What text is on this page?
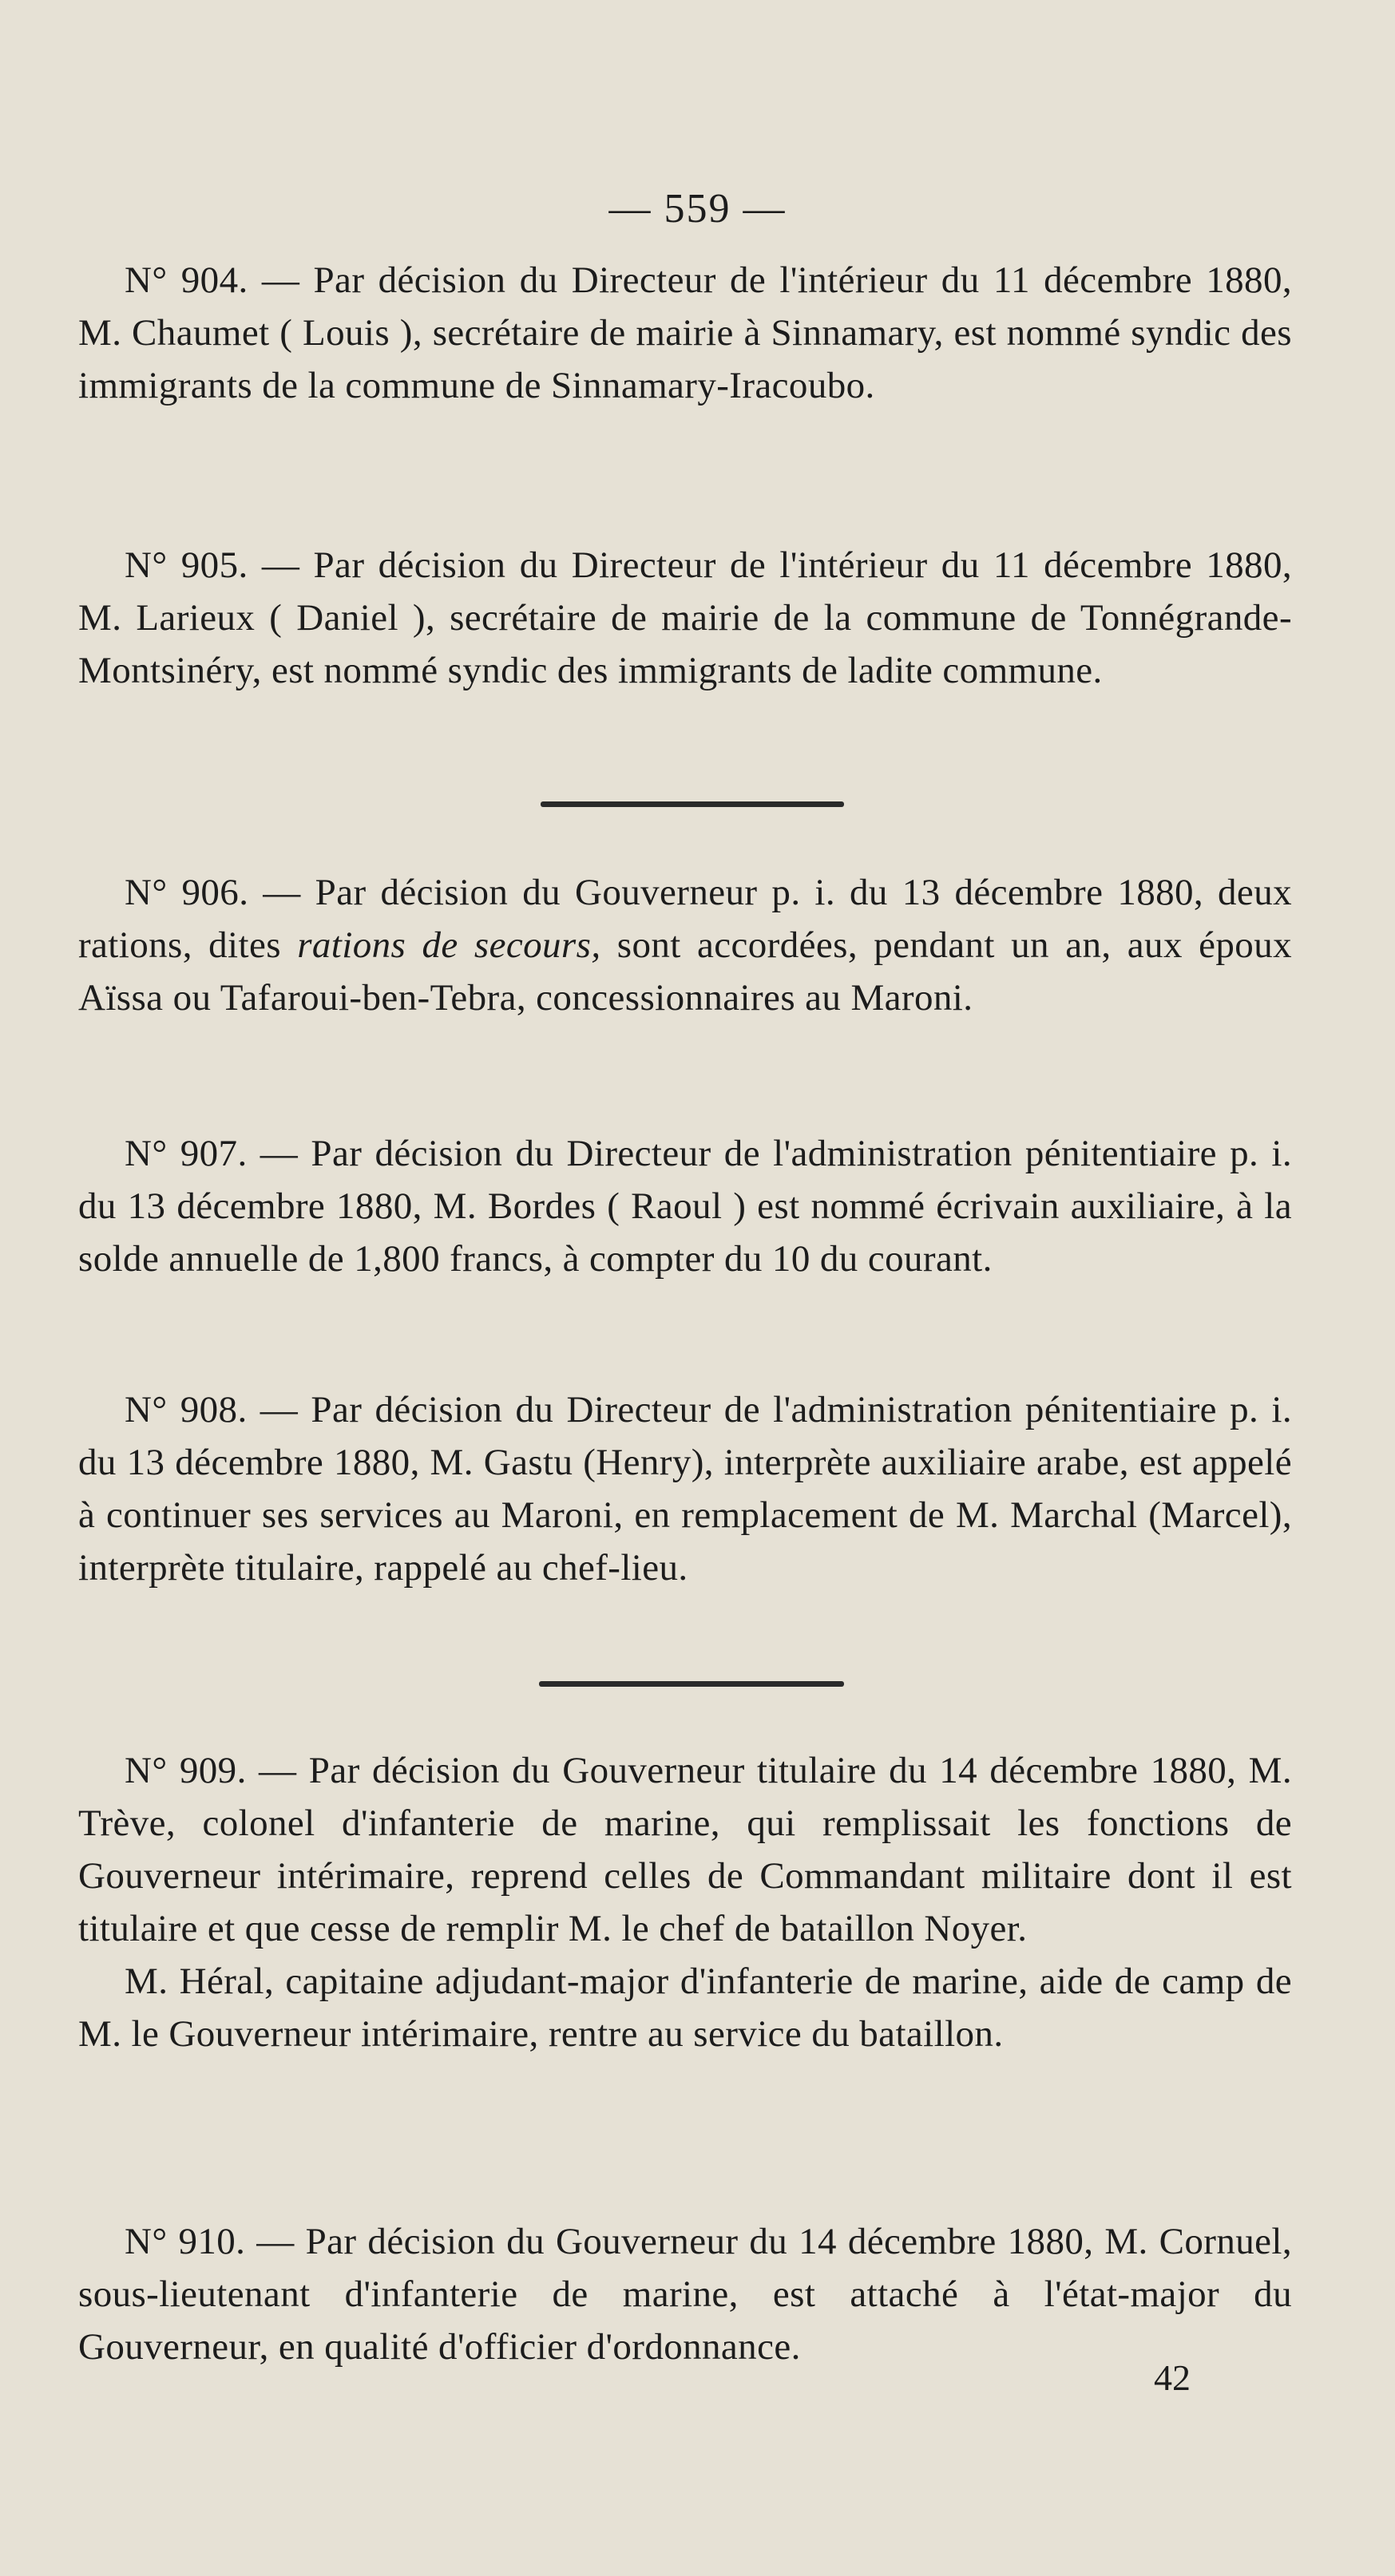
— 559 —

N° 904. — Par décision du Directeur de l'intérieur du 11 décembre 1880, M. Chaumet ( Louis ), secrétaire de mairie à Sinnamary, est nommé syndic des immigrants de la commune de Sinnamary-Iracoubo.

N° 905. — Par décision du Directeur de l'intérieur du 11 décembre 1880, M. Larieux ( Daniel ), secrétaire de mairie de la commune de Tonnégrande-Montsinéry, est nommé syndic des immigrants de ladite commune.

N° 906. — Par décision du Gouverneur p. i. du 13 décembre 1880, deux rations, dites rations de secours, sont accordées, pendant un an, aux époux Aïssa ou Tafaroui-ben-Tebra, concessionnaires au Maroni.

N° 907. — Par décision du Directeur de l'administration pénitentiaire p. i. du 13 décembre 1880, M. Bordes ( Raoul ) est nommé écrivain auxiliaire, à la solde annuelle de 1,800 francs, à compter du 10 du courant.

N° 908. — Par décision du Directeur de l'administration pénitentiaire p. i. du 13 décembre 1880, M. Gastu (Henry), interprète auxiliaire arabe, est appelé à continuer ses services au Maroni, en remplacement de M. Marchal (Marcel), interprète titulaire, rappelé au chef-lieu.

N° 909. — Par décision du Gouverneur titulaire du 14 décembre 1880, M. Trève, colonel d'infanterie de marine, qui remplissait les fonctions de Gouverneur intérimaire, reprend celles de Commandant militaire dont il est titulaire et que cesse de remplir M. le chef de bataillon Noyer.

M. Héral, capitaine adjudant-major d'infanterie de marine, aide de camp de M. le Gouverneur intérimaire, rentre au service du bataillon.

N° 910. — Par décision du Gouverneur du 14 décembre 1880, M. Cornuel, sous-lieutenant d'infanterie de marine, est attaché à l'état-major du Gouverneur, en qualité d'officier d'ordonnance.

42
